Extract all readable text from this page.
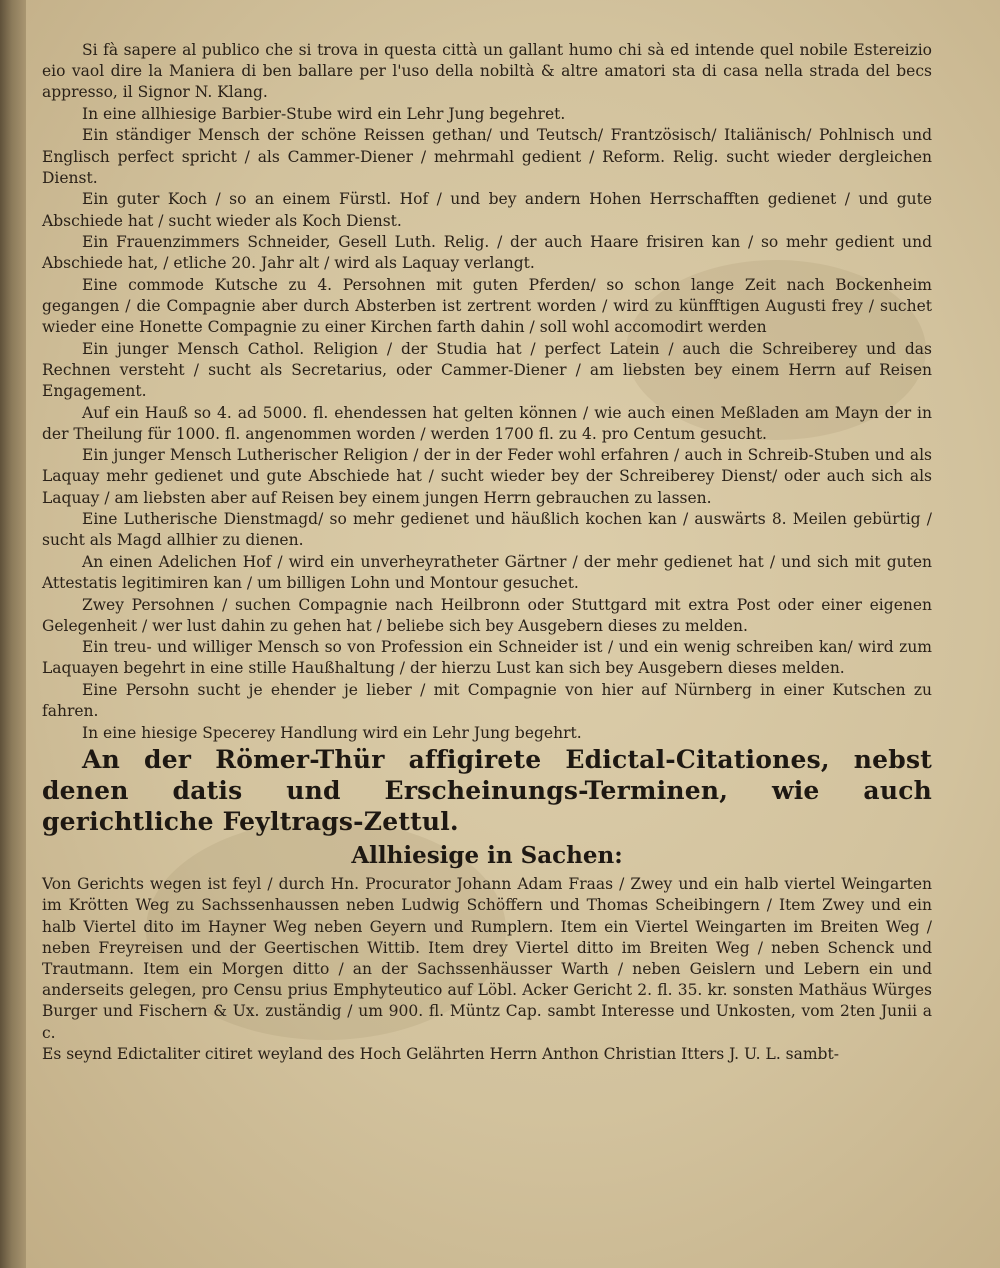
Si fà sapere al publico che si trova in questa città un gallant humo chi sà ed intende quel nobile Estereizio eio vaol dire la Maniera di ben ballare per l'uso della nobiltà & altre amatori sta di casa nella strada del becs appresso, il Signor N. Klang.

In eine allhiesige Barbier-Stube wird ein Lehr Jung begehret.

Ein ständiger Mensch der schöne Reissen gethan/ und Teutsch/ Frantzösisch/ Italiänisch/ Pohlnisch und Englisch perfect spricht / als Cammer-Diener / mehrmahl gedient / Reform. Relig. sucht wieder dergleichen Dienst.

Ein guter Koch / so an einem Fürstl. Hof / und bey andern Hohen Herrschafften gedienet / und gute Abschiede hat / sucht wieder als Koch Dienst.

Ein Frauenzimmers Schneider, Gesell Luth. Relig. / der auch Haare frisiren kan / so mehr gedient und Abschiede hat, / etliche 20. Jahr alt / wird als Laquay verlangt.

Eine commode Kutsche zu 4. Persohnen mit guten Pferden/ so schon lange Zeit nach Bockenheim gegangen / die Compagnie aber durch Absterben ist zertrent worden / wird zu künfftigen Augusti frey / suchet wieder eine Honette Compagnie zu einer Kirchen farth dahin / soll wohl accomodirt werden

Ein junger Mensch Cathol. Religion / der Studia hat / perfect Latein / auch die Schreiberey und das Rechnen versteht / sucht als Secretarius, oder Cammer-Diener / am liebsten bey einem Herrn auf Reisen Engagement.

Auf ein Hauß so 4. ad 5000. fl. ehendessen hat gelten können / wie auch einen Meßladen am Mayn der in der Theilung für 1000. fl. angenommen worden / werden 1700 fl. zu 4. pro Centum gesucht.

Ein junger Mensch Lutherischer Religion / der in der Feder wohl erfahren / auch in Schreib-Stuben und als Laquay mehr gedienet und gute Abschiede hat / sucht wieder bey der Schreiberey Dienst/ oder auch sich als Laquay / am liebsten aber auf Reisen bey einem jungen Herrn gebrauchen zu lassen.

Eine Lutherische Dienstmagd/ so mehr gedienet und häußlich kochen kan / auswärts 8. Meilen gebürtig / sucht als Magd allhier zu dienen.

An einen Adelichen Hof / wird ein unverheyratheter Gärtner / der mehr gedienet hat / und sich mit guten Attestatis legitimiren kan / um billigen Lohn und Montour gesuchet.

Zwey Persohnen / suchen Compagnie nach Heilbronn oder Stuttgard mit extra Post oder einer eigenen Gelegenheit / wer lust dahin zu gehen hat / beliebe sich bey Ausgebern dieses zu melden.

Ein treu- und williger Mensch so von Profession ein Schneider ist / und ein wenig schreiben kan/ wird zum Laquayen begehrt in eine stille Haußhaltung / der hierzu Lust kan sich bey Ausgebern dieses melden.

Eine Persohn sucht je ehender je lieber / mit Compagnie von hier auf Nürnberg in einer Kutschen zu fahren.

In eine hiesige Specerey Handlung wird ein Lehr Jung begehrt.

An der Römer-Thür affigirete Edictal-Citationes, nebst denen datis und Erscheinungs-Terminen, wie auch gerichtliche Feyltrags-Zettul.

Allhiesige in Sachen:

Von Gerichts wegen ist feyl / durch Hn. Procurator Johann Adam Fraas / Zwey und ein halb viertel Weingarten im Krötten Weg zu Sachssenhaussen neben Ludwig Schöffern und Thomas Scheibingern / Item Zwey und ein halb Viertel dito im Hayner Weg neben Geyern und Rumplern. Item ein Viertel Weingarten im Breiten Weg / neben Freyreisen und der Geertischen Wittib. Item drey Viertel ditto im Breiten Weg / neben Schenck und Trautmann. Item ein Morgen ditto / an der Sachssenhäusser Warth / neben Geislern und Lebern ein und anderseits gelegen, pro Censu prius Emphyteutico auf Löbl. Acker Gericht 2. fl. 35. kr. sonsten Mathäus Würges Burger und Fischern & Ux. zuständig / um 900. fl. Müntz Cap. sambt Interesse und Unkosten, vom 2ten Junii a c.

Es seynd Edictaliter citiret weyland des Hoch Gelährten Herrn Anthon Christian Itters J. U. L. sambt-
